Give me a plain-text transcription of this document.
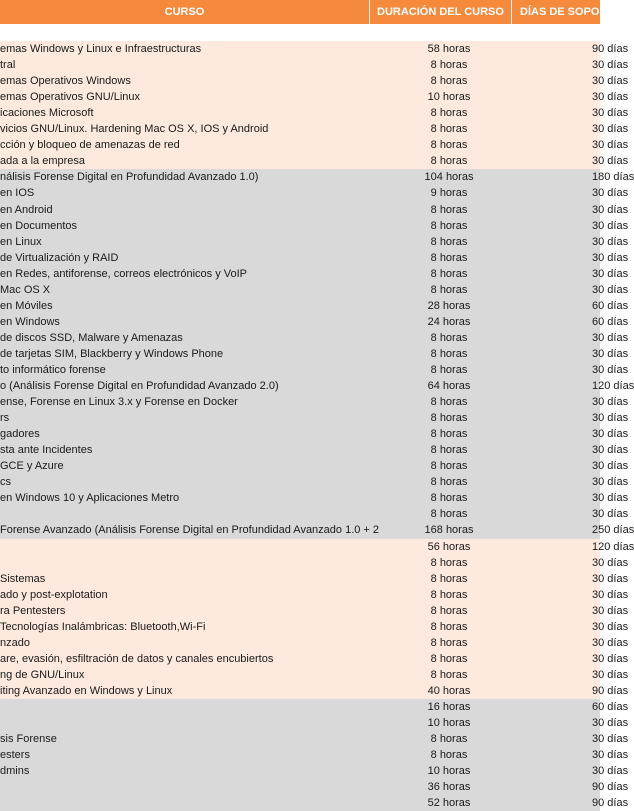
CURSO	DURACIÓN DEL CURSO	DÍAS DE SOPORTE
emas Windows y Linux e Infraestructuras	58 horas	90 días
tral	8 horas	30 días
emas Operativos Windows	8 horas	30 días
emas Operativos GNU/Linux	10 horas	30 días
icaciones Microsoft	8 horas	30 días
vicios GNU/Linux. Hardening Mac OS X, IOS y Android	8 horas	30 días
cción y bloqueo de amenazas de red	8 horas	30 días
ada a la empresa	8 horas	30 días
nálisis Forense Digital en Profundidad Avanzado 1.0)	104 horas	180 días
en IOS	9 horas	30 días
en Android	8 horas	30 días
en Documentos	8 horas	30 días
en Linux	8 horas	30 días
de Virtualización y RAID	8 horas	30 días
en Redes, antiforense, correos electrónicos y VoIP	8 horas	30 días
Mac OS X	8 horas	30 días
en Móviles	28 horas	60 días
en Windows	24 horas	60 días
de discos SSD, Malware y Amenazas	8 horas	30 días
de tarjetas SIM, Blackberry y Windows Phone	8 horas	30 días
to informático forense	8 horas	30 días
o (Análisis Forense Digital en Profundidad Avanzado 2.0)	64 horas	120 días
ense, Forense en Linux 3.x y Forense en Docker	8 horas	30 días
rs	8 horas	30 días
gadores	8 horas	30 días
sta ante Incidentes	8 horas	30 días
GCE y Azure	8 horas	30 días
cs	8 horas	30 días
en Windows 10 y Aplicaciones Metro	8 horas	30 días
8 horas	30 días
Forense Avanzado (Análisis Forense Digital en Profundidad Avanzado 1.0 + 2	168 horas	250 días
56 horas	120 días
8 horas	30 días
Sistemas	8 horas	30 días
ado y post-explotation	8 horas	30 días
ra Pentesters	8 horas	30 días
Tecnologías Inalámbricas: Bluetooth,Wi-Fi	8 horas	30 días
nzado	8 horas	30 días
are, evasión, esfiltración de datos y canales encubiertos	8 horas	30 días
ng de GNU/Linux	8 horas	30 días
iting Avanzado en Windows y Linux	40 horas	90 días
16 horas	60 días
10 horas	30 días
sis Forense	8 horas	30 días
esters	8 horas	30 días
dmins	10 horas	30 días
36 horas	90 días
52 horas	90 días
